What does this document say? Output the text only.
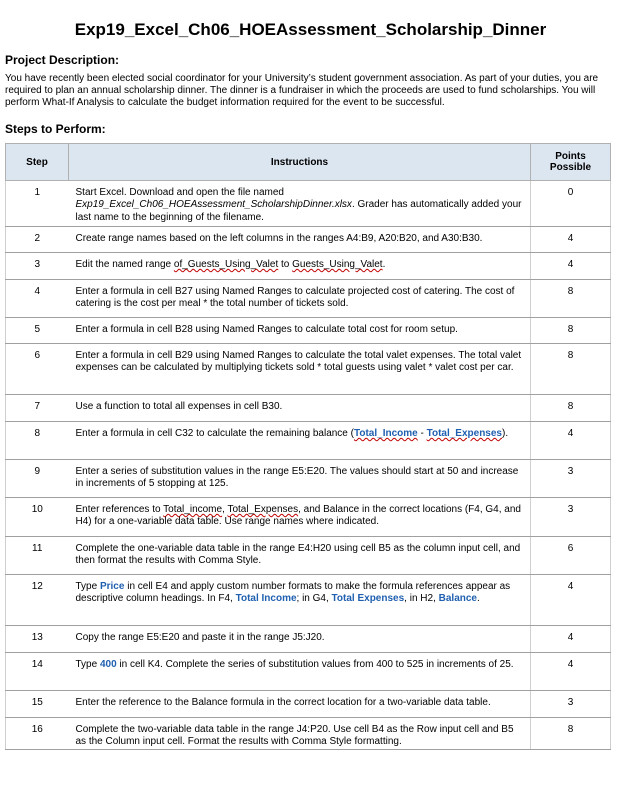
Exp19_Excel_Ch06_HOEAssessment_Scholarship_Dinner
Project Description:
You have recently been elected social coordinator for your University’s student government association. As part of your duties, you are required to plan an annual scholarship dinner. The dinner is a fundraiser in which the proceeds are used to fund scholarships. You will perform What-If Analysis to calculate the budget information required for the event to be successful.
Steps to Perform:
Step	Instructions	Points Possible
1	Start Excel. Download and open the file named Exp19_Excel_Ch06_HOEAssessment_ScholarshipDinner.xlsx. Grader has automatically added your last name to the beginning of the filename.	0
2	Create range names based on the left columns in the ranges A4:B9, A20:B20, and A30:B30.	4
3	Edit the named range of_Guests_Using_Valet to Guests_Using_Valet.	4
4	Enter a formula in cell B27 using Named Ranges to calculate projected cost of catering. The cost of catering is the cost per meal * the total number of tickets sold.	8
5	Enter a formula in cell B28 using Named Ranges to calculate total cost for room setup.	8
6	Enter a formula in cell B29 using Named Ranges to calculate the total valet expenses. The total valet expenses can be calculated by multiplying tickets sold * total guests using valet * valet cost per car.	8
7	Use a function to total all expenses in cell B30.	8
8	Enter a formula in cell C32 to calculate the remaining balance (Total_Income - Total_Expenses).	4
9	Enter a series of substitution values in the range E5:E20. The values should start at 50 and increase in increments of 5 stopping at 125.	3
10	Enter references to Total_income, Total_Expenses, and Balance in the correct locations (F4, G4, and H4) for a one-variable data table. Use range names where indicated.	3
11	Complete the one-variable data table in the range E4:H20 using cell B5 as the column input cell, and then format the results with Comma Style.	6
12	Type Price in cell E4 and apply custom number formats to make the formula references appear as descriptive column headings. In F4, Total Income; in G4, Total Expenses, in H2, Balance.	4
13	Copy the range E5:E20 and paste it in the range J5:J20.	4
14	Type 400 in cell K4. Complete the series of substitution values from 400 to 525 in increments of 25.	4
15	Enter the reference to the Balance formula in the correct location for a two-variable data table.	3
16	Complete the two-variable data table in the range J4:P20. Use cell B4 as the Row input cell and B5 as the Column input cell. Format the results with Comma Style formatting.	8
